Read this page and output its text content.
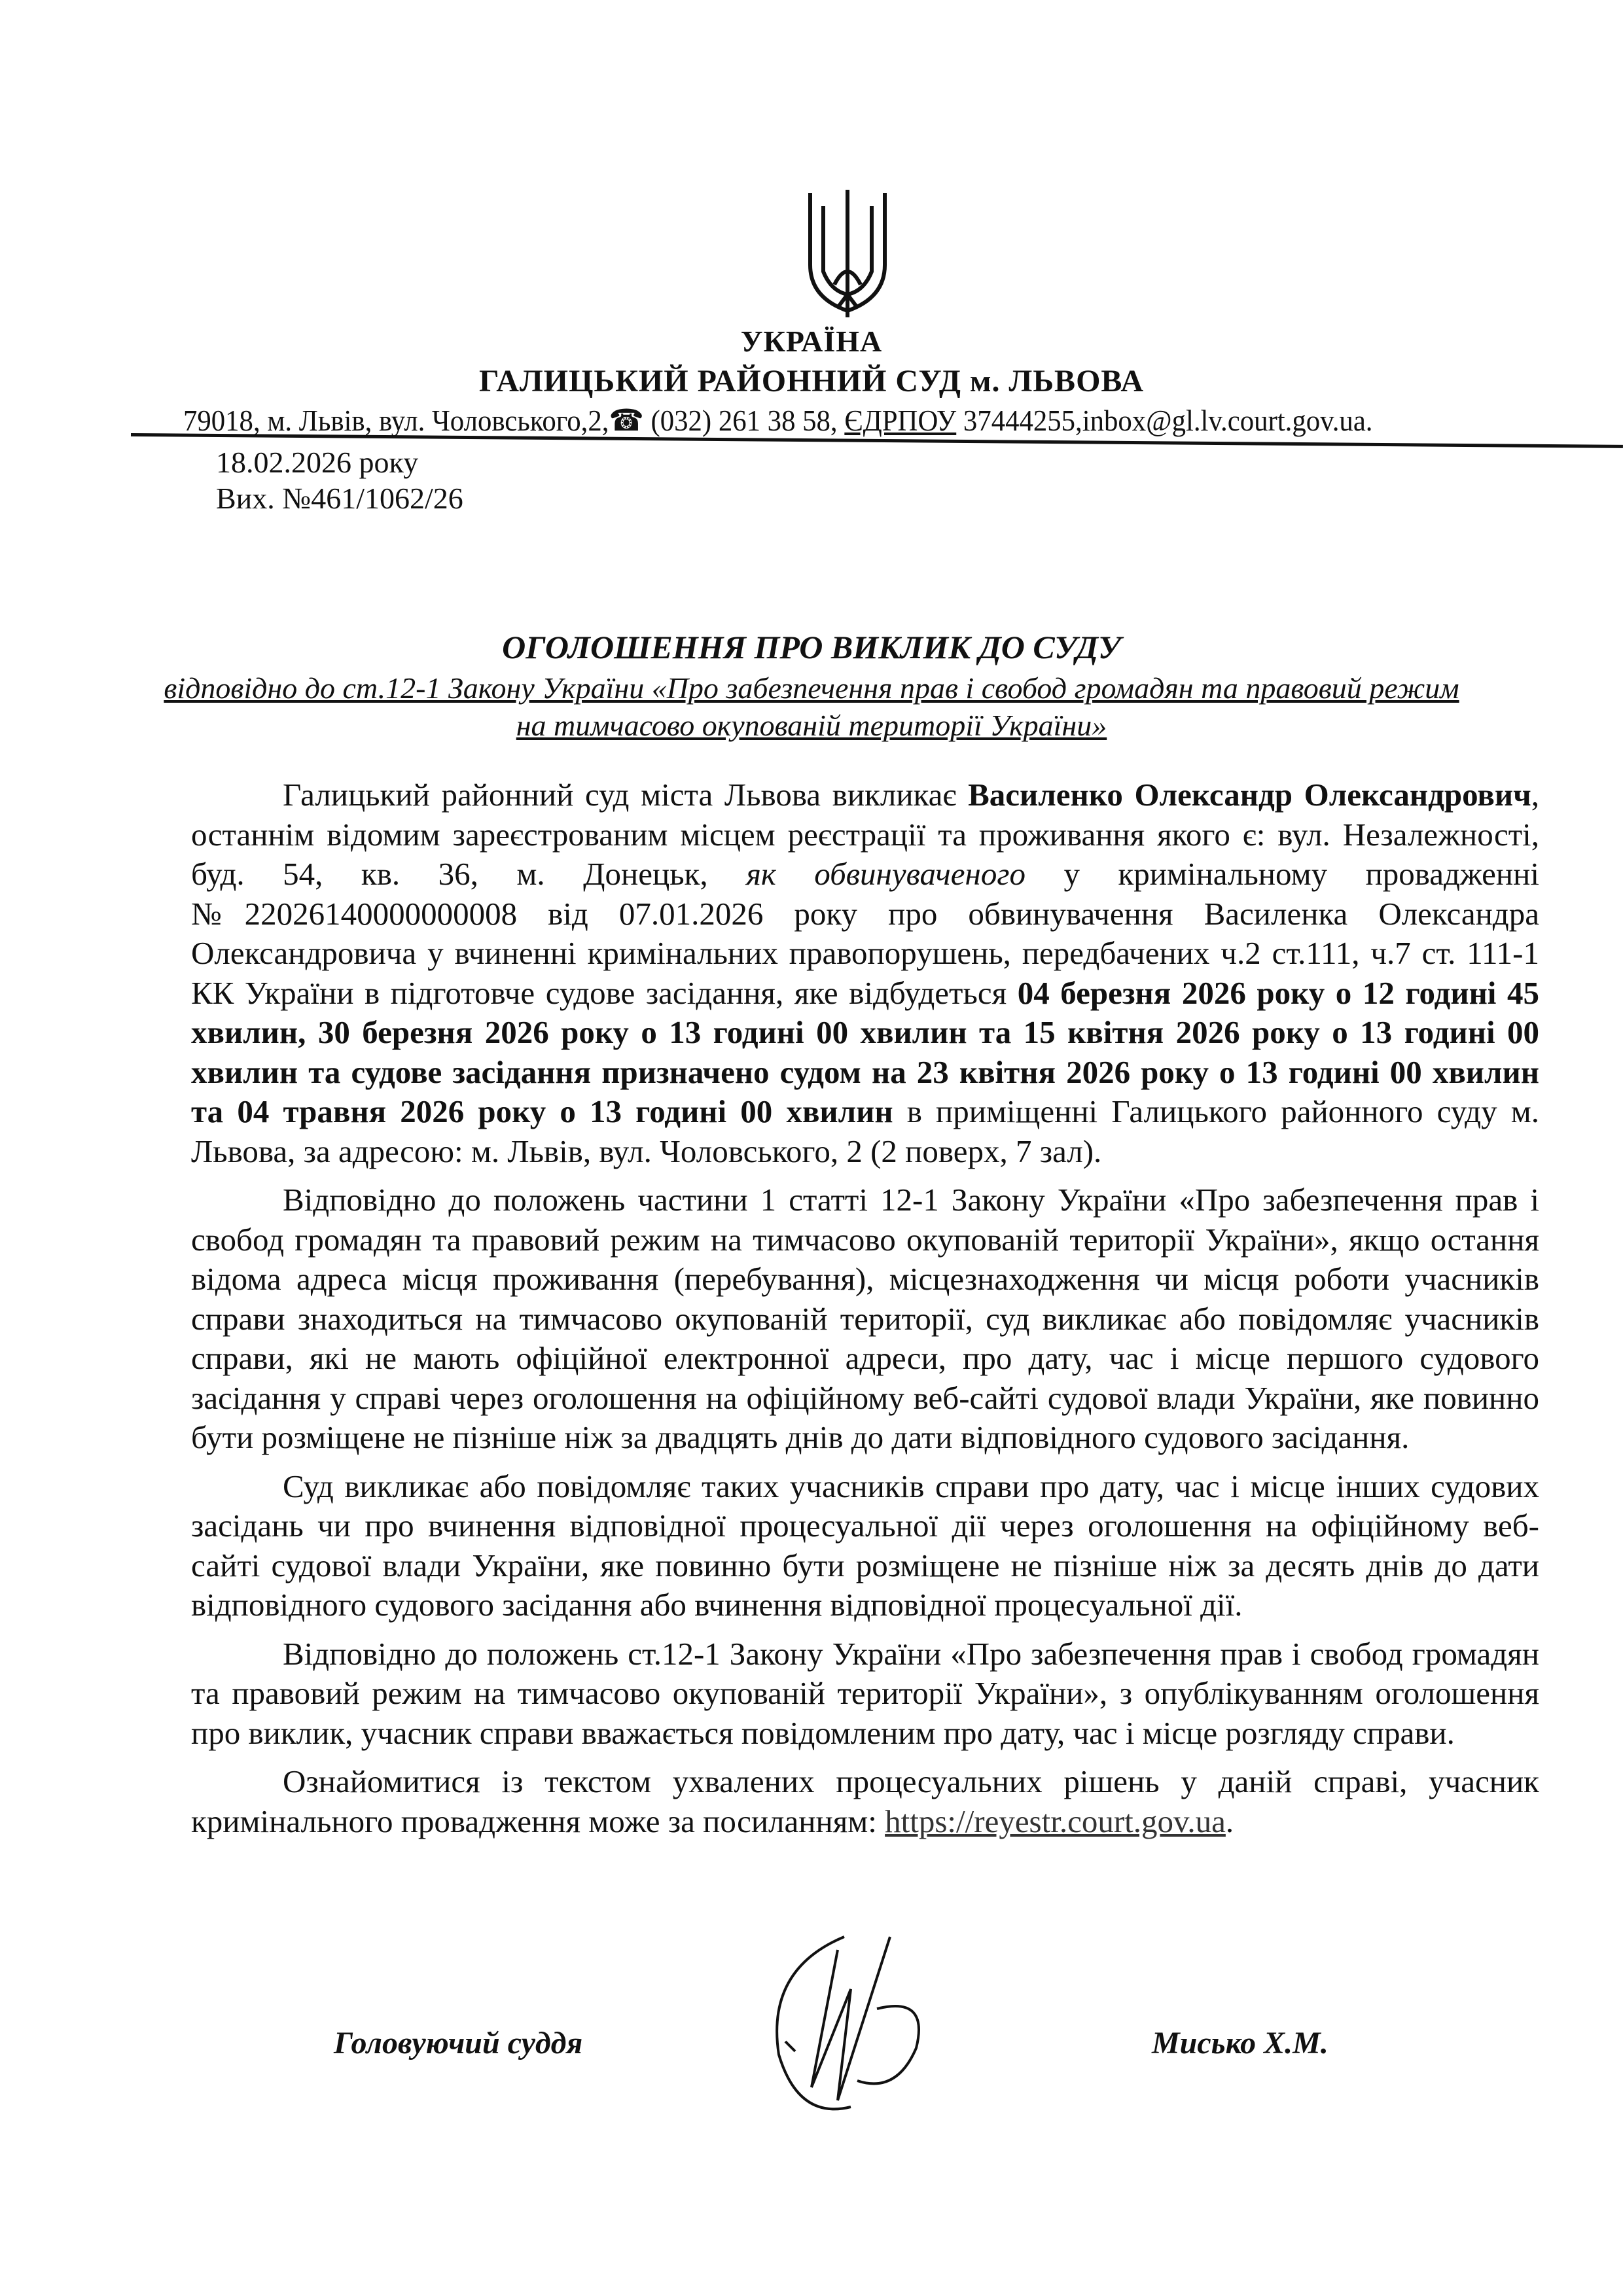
УКРАЇНА
ГАЛИЦЬКИЙ РАЙОННИЙ СУД м. ЛЬВОВА
79018, м. Львів, вул. Чоловського,2,☎ (032) 261 38 58, ЄДРПОУ 37444255,inbox@gl.lv.court.gov.ua.
18.02.2026 року
Вих. №461/1062/26
ОГОЛОШЕННЯ ПРО ВИКЛИК ДО СУДУ
відповідно до ст.12-1 Закону України «Про забезпечення прав і свобод громадян та правовий режим
на тимчасово окупованій території України»

Галицький районний суд міста Львова викликає Василенко Олександр Олександрович, останнім відомим зареєстрованим місцем реєстрації та проживання якого є: вул. Незалежності, буд. 54, кв. 36, м. Донецьк, як обвинуваченого у кримінальному провадженні №22026140000000008 від 07.01.2026 року про обвинувачення Василенка Олександра Олександровича у вчиненні кримінальних правопорушень, передбачених ч.2 ст.111, ч.7 ст. 111-1 КК України в підготовче судове засідання, яке відбудеться 04 березня 2026 року о 12 годині 45 хвилин, 30 березня 2026 року о 13 годині 00 хвилин та 15 квітня 2026 року о 13 годині 00 хвилин та судове засідання призначено судом на 23 квітня 2026 року о 13 годині 00 хвилин та 04 травня 2026 року о 13 годині 00 хвилин в приміщенні Галицького районного суду м. Львова, за адресою: м. Львів, вул. Чоловського, 2 (2 поверх, 7 зал).

Відповідно до положень частини 1 статті 12-1 Закону України «Про забезпечення прав і свобод громадян та правовий режим на тимчасово окупованій території України», якщо остання відома адреса місця проживання (перебування), місцезнаходження чи місця роботи учасників справи знаходиться на тимчасово окупованій території, суд викликає або повідомляє учасників справи, які не мають офіційної електронної адреси, про дату, час і місце першого судового засідання у справі через оголошення на офіційному веб-сайті судової влади України, яке повинно бути розміщене не пізніше ніж за двадцять днів до дати відповідного судового засідання.

Суд викликає або повідомляє таких учасників справи про дату, час і місце інших судових засідань чи про вчинення відповідної процесуальної дії через оголошення на офіційному веб-сайті судової влади України, яке повинно бути розміщене не пізніше ніж за десять днів до дати відповідного судового засідання або вчинення відповідної процесуальної дії.

Відповідно до положень ст.12-1 Закону України «Про забезпечення прав і свобод громадян та правовий режим на тимчасово окупованій території України», з опублікуванням оголошення про виклик, учасник справи вважається повідомленим про дату, час і місце розгляду справи.

Ознайомитися із текстом ухвалених процесуальних рішень у даній справі, учасник кримінального провадження може за посиланням: https://reyestr.court.gov.ua.

Головуючий суддя	Мисько Х.М.
